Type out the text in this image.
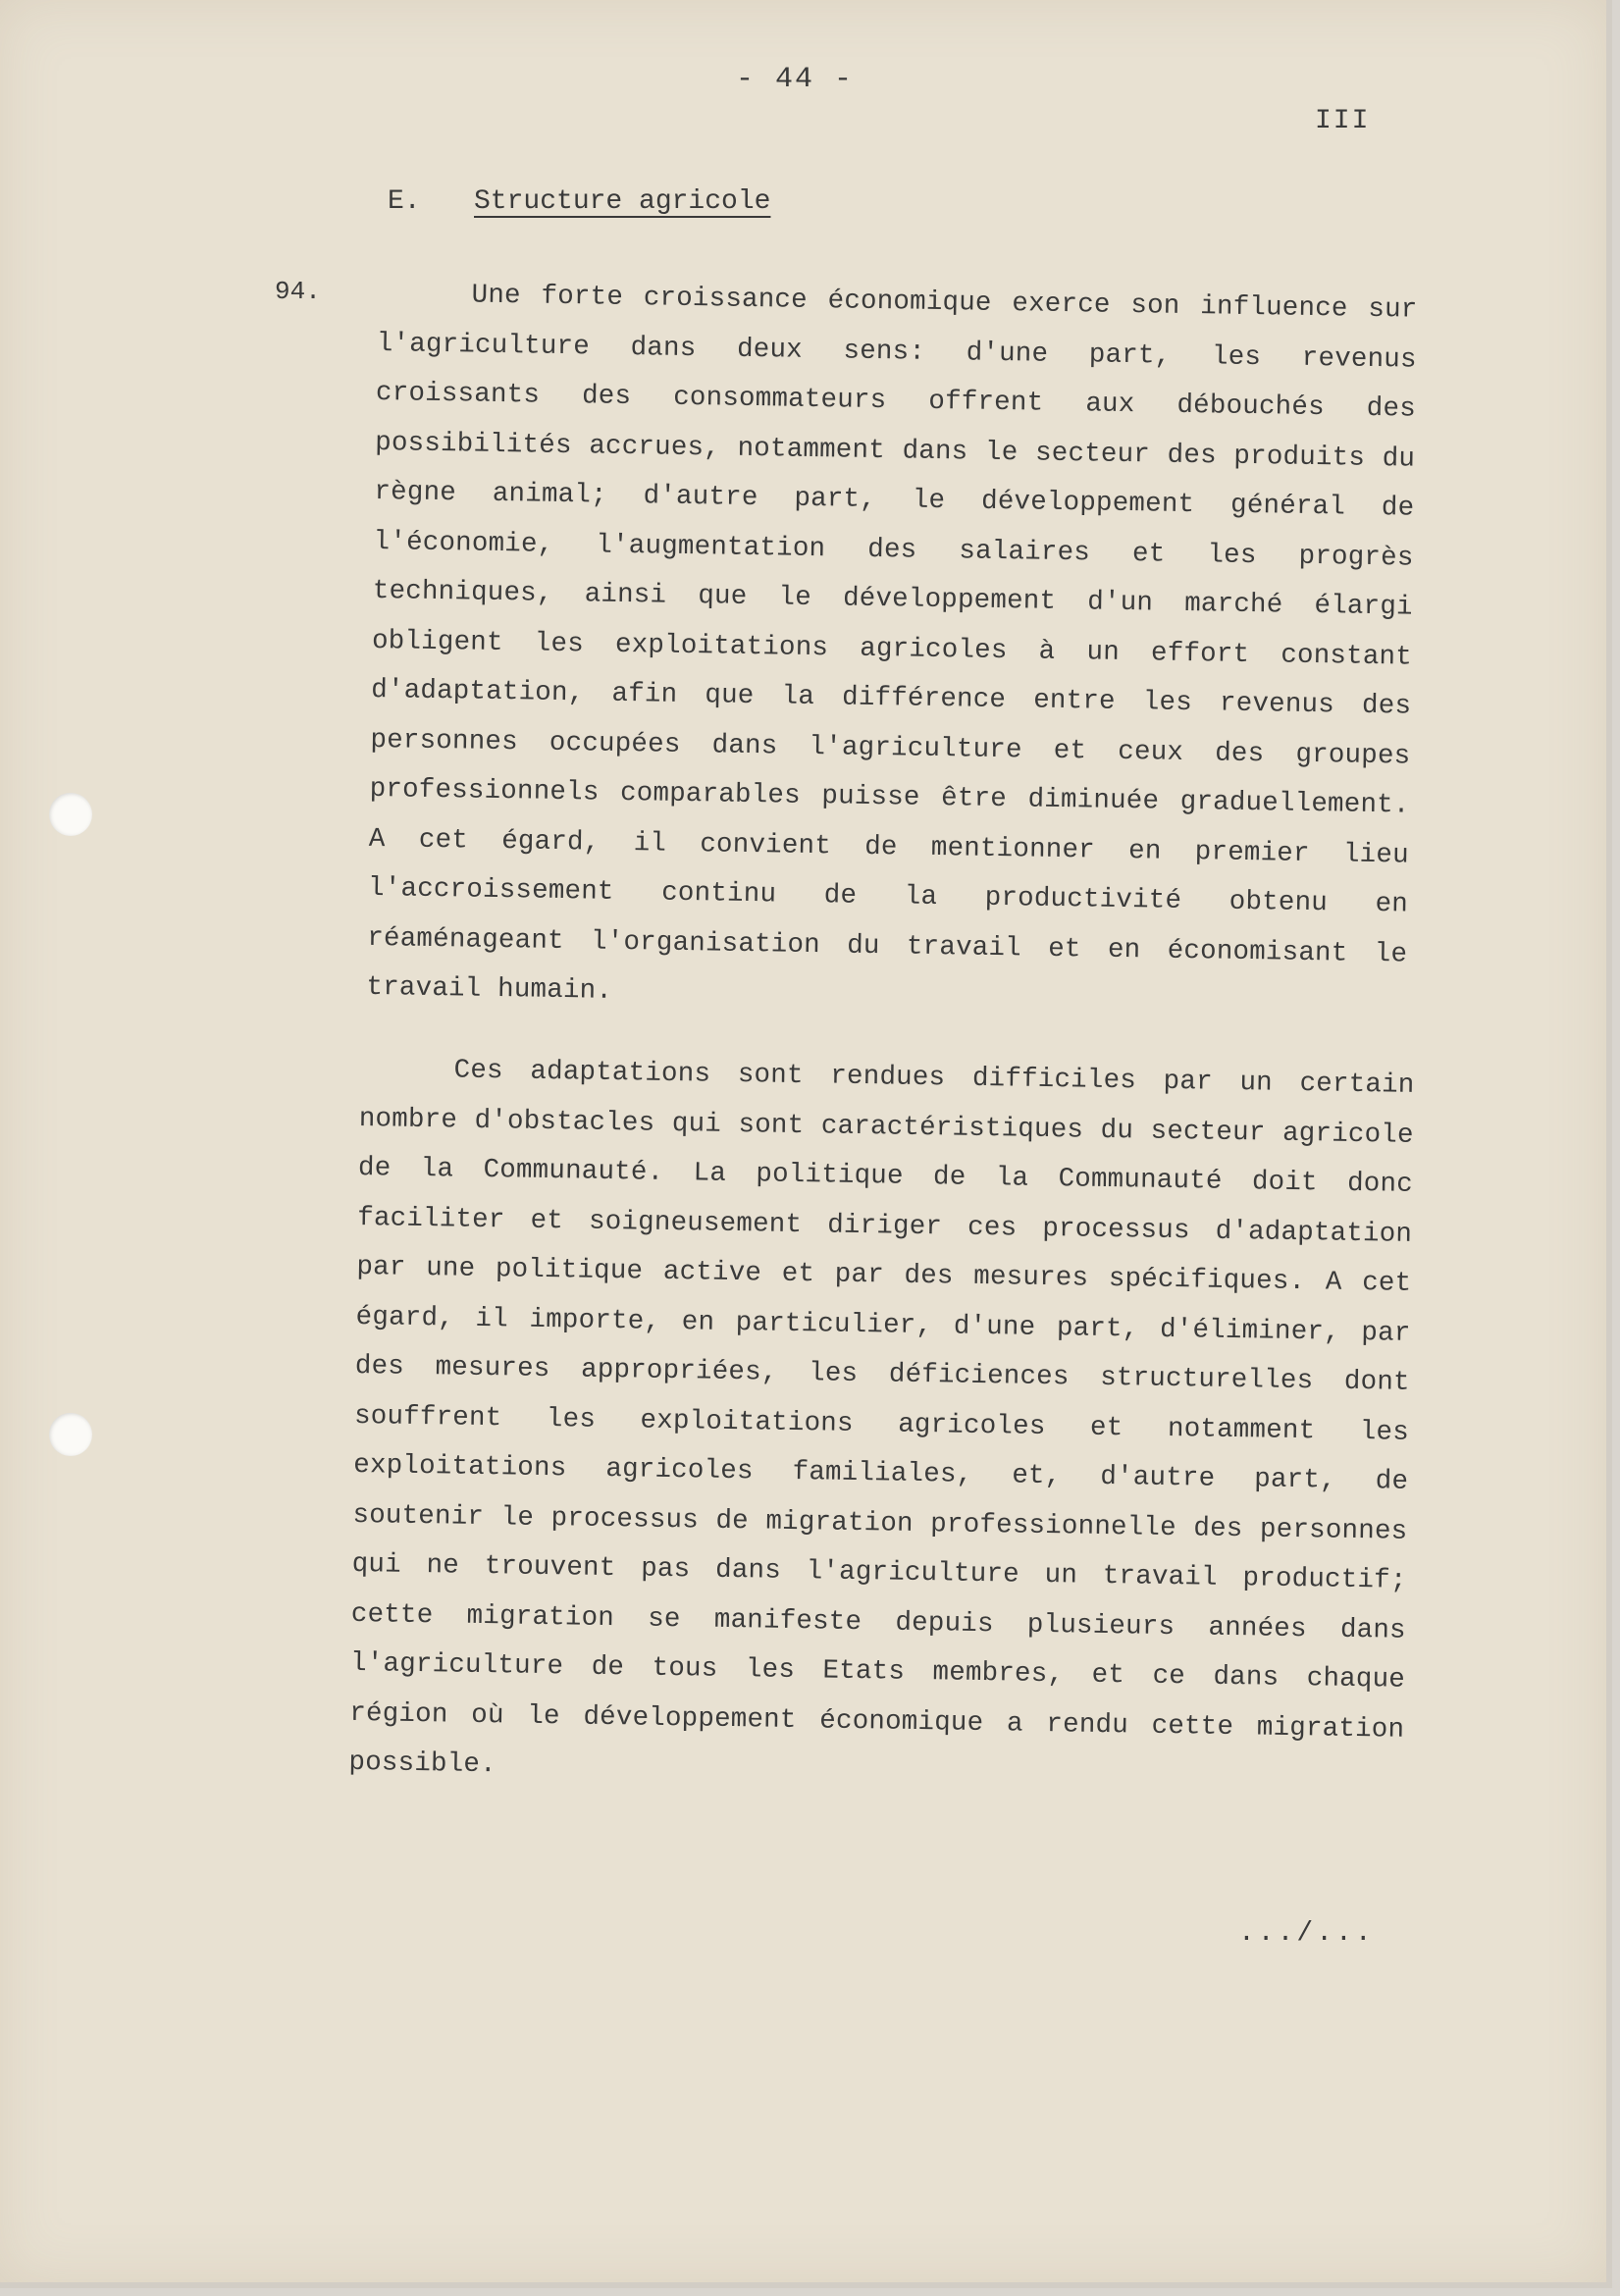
- 44 -
III
E. Structure agricole
94.	Une forte croissance économique exerce son influence sur l'agriculture dans deux sens: d'une part, les revenus croissants des consommateurs offrent aux débouchés des possibilités accrues, notamment dans le secteur des produits du règne animal; d'autre part, le développement général de l'économie, l'augmentation des salaires et les progrès techniques, ainsi que le développement d'un marché élargi obligent les exploitations agricoles à un effort constant d'adaptation, afin que la différence entre les revenus des personnes occupées dans l'agriculture et ceux des groupes professionnels comparables puisse être diminuée graduellement. A cet égard, il convient de mentionner en premier lieu l'accroissement continu de la productivité obtenu en réaménageant l'organisation du travail et en économisant le travail humain.
Ces adaptations sont rendues difficiles par un certain nombre d'obstacles qui sont caractéristiques du secteur agricole de la Communauté. La politique de la Communauté doit donc faciliter et soigneusement diriger ces processus d'adaptation par une politique active et par des mesures spécifiques. A cet égard, il importe, en particulier, d'une part, d'éliminer, par des mesures appropriées, les déficiences structurelles dont souffrent les exploitations agricoles et notamment les exploitations agricoles familiales, et, d'autre part, de soutenir le processus de migration professionnelle des personnes qui ne trouvent pas dans l'agriculture un travail productif; cette migration se manifeste depuis plusieurs années dans l'agriculture de tous les Etats membres, et ce dans chaque région où le développement économique a rendu cette migration possible.
.../...
